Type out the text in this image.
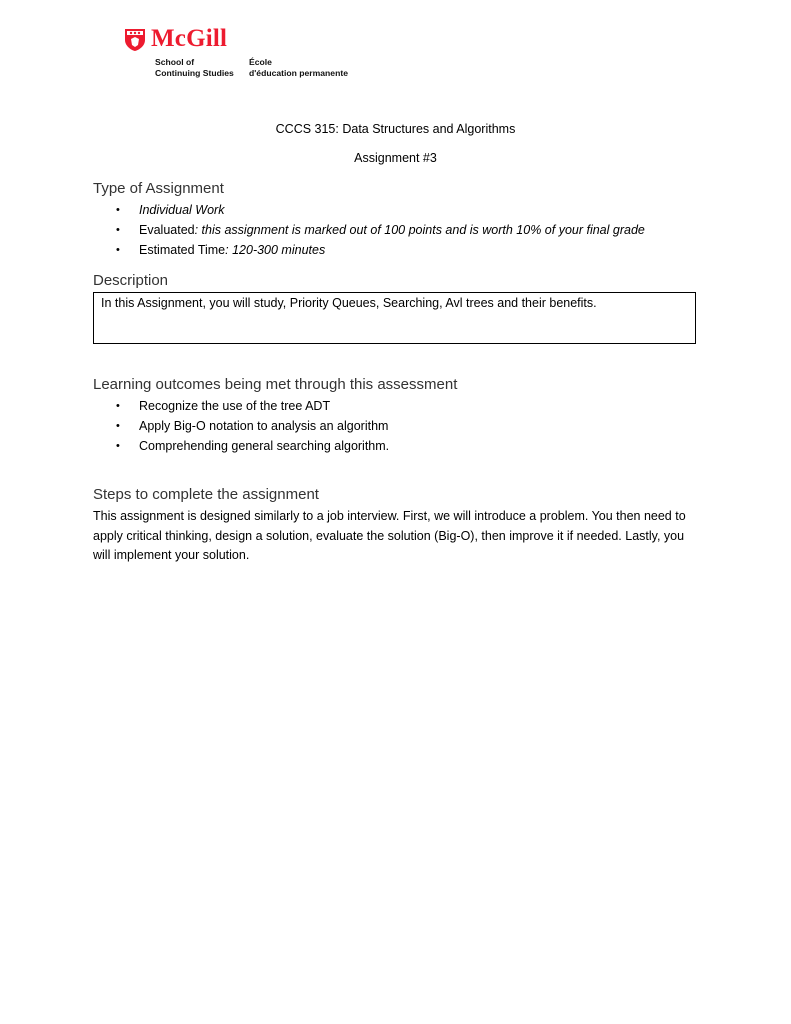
McGill
School of
Continuing Studies
École
d'éducation permanente
CCCS 315: Data Structures and Algorithms
Assignment #3
Type of Assignment
• Individual Work
• Evaluated: this assignment is marked out of 100 points and is worth 10% of your final grade
• Estimated Time: 120-300 minutes
Description
In this Assignment, you will study, Priority Queues, Searching, Avl trees and their benefits.
Learning outcomes being met through this assessment
• Recognize the use of the tree ADT
• Apply Big-O notation to analysis an algorithm
• Comprehending general searching algorithm.
Steps to complete the assignment

This assignment is designed similarly to a job interview. First, we will introduce a problem. You then need to apply critical thinking, design a solution, evaluate the solution (Big-O), then improve it if needed. Lastly, you will implement your solution.
